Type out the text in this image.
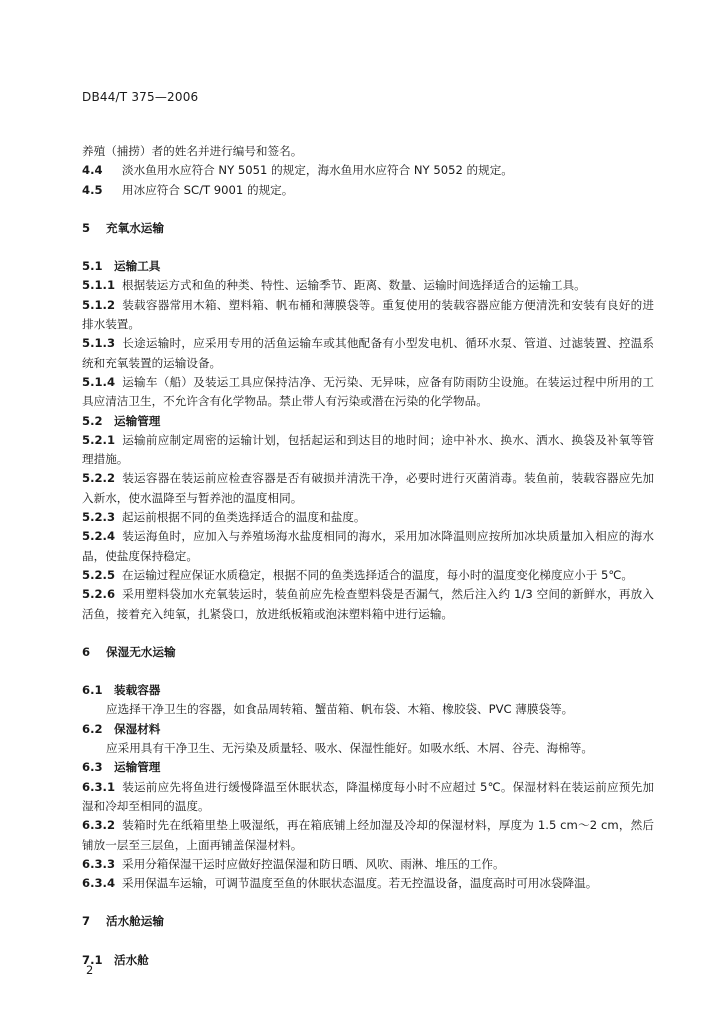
DB44/T 375—2006
养殖（捕捞）者的姓名并进行编号和签名。
4.4 淡水鱼用水应符合 NY 5051 的规定，海水鱼用水应符合 NY 5052 的规定。
4.5 用冰应符合 SC/T 9001 的规定。
5 充氧水运输
5.1 运输工具
5.1.1 根据装运方式和鱼的种类、特性、运输季节、距离、数量、运输时间选择适合的运输工具。
5.1.2 装载容器常用木箱、塑料箱、帆布桶和薄膜袋等。重复使用的装载容器应能方便清洗和安装有良好的进排水装置。
5.1.3 长途运输时，应采用专用的活鱼运输车或其他配备有小型发电机、循环水泵、管道、过滤装置、控温系统和充氧装置的运输设备。
5.1.4 运输车（船）及装运工具应保持洁净、无污染、无异味，应备有防雨防尘设施。在装运过程中所用的工具应清洁卫生，不允许含有化学物品。禁止带人有污染或潜在污染的化学物品。
5.2 运输管理
5.2.1 运输前应制定周密的运输计划，包括起运和到达目的地时间；途中补水、换水、洒水、换袋及补氧等管理措施。
5.2.2 装运容器在装运前应检查容器是否有破损并清洗干净，必要时进行灭菌消毒。装鱼前，装载容器应先加入新水，使水温降至与暂养池的温度相同。
5.2.3 起运前根据不同的鱼类选择适合的温度和盐度。
5.2.4 装运海鱼时，应加入与养殖场海水盐度相同的海水，采用加冰降温则应按所加冰块质量加入相应的海水晶，使盐度保持稳定。
5.2.5 在运输过程应保证水质稳定，根据不同的鱼类选择适合的温度，每小时的温度变化梯度应小于 5℃。
5.2.6 采用塑料袋加水充氧装运时，装鱼前应先检查塑料袋是否漏气，然后注入约 1/3 空间的新鲜水，再放入活鱼，接着充入纯氧，扎紧袋口，放进纸板箱或泡沫塑料箱中进行运输。
6 保湿无水运输
6.1 装载容器
应选择干净卫生的容器，如食品周转箱、蟹苗箱、帆布袋、木箱、橡胶袋、PVC 薄膜袋等。
6.2 保湿材料
应采用具有干净卫生、无污染及质量轻、吸水、保湿性能好。如吸水纸、木屑、谷壳、海棉等。
6.3 运输管理
6.3.1 装运前应先将鱼进行缓慢降温至休眠状态，降温梯度每小时不应超过 5℃。保湿材料在装运前应预先加湿和冷却至相同的温度。
6.3.2 装箱时先在纸箱里垫上吸湿纸，再在箱底铺上经加湿及冷却的保湿材料，厚度为 1.5 cm～2 cm，然后铺放一层至三层鱼，上面再铺盖保湿材料。
6.3.3 采用分箱保湿干运时应做好控温保湿和防日晒、风吹、雨淋、堆压的工作。
6.3.4 采用保温车运输，可调节温度至鱼的休眠状态温度。若无控温设备，温度高时可用冰袋降温。
7 活水舱运输
7.1 活水舱
2
